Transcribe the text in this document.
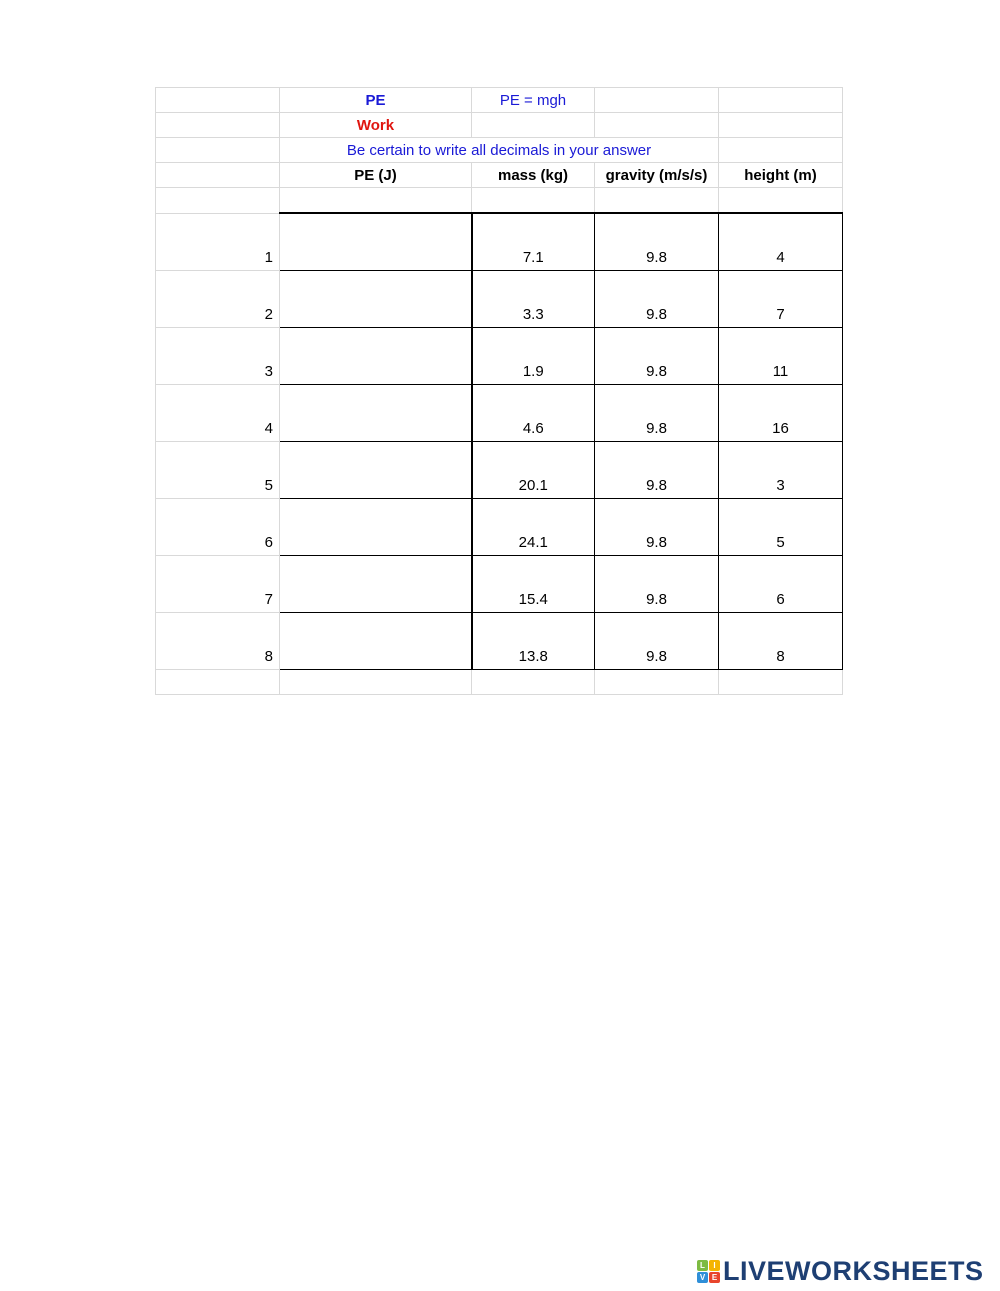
	PE	PE = mgh		
	Work			
	Be certain to write all decimals in your answer			
	PE (J)	mass (kg)	gravity (m/s/s)	height (m)

1		7.1	9.8	4
2		3.3	9.8	7
3		1.9	9.8	11
4		4.6	9.8	16
5		20.1	9.8	3
6		24.1	9.8	5
7		15.4	9.8	6
8		13.8	9.8	8

L	I
V E LIVEWORKSHEETS
